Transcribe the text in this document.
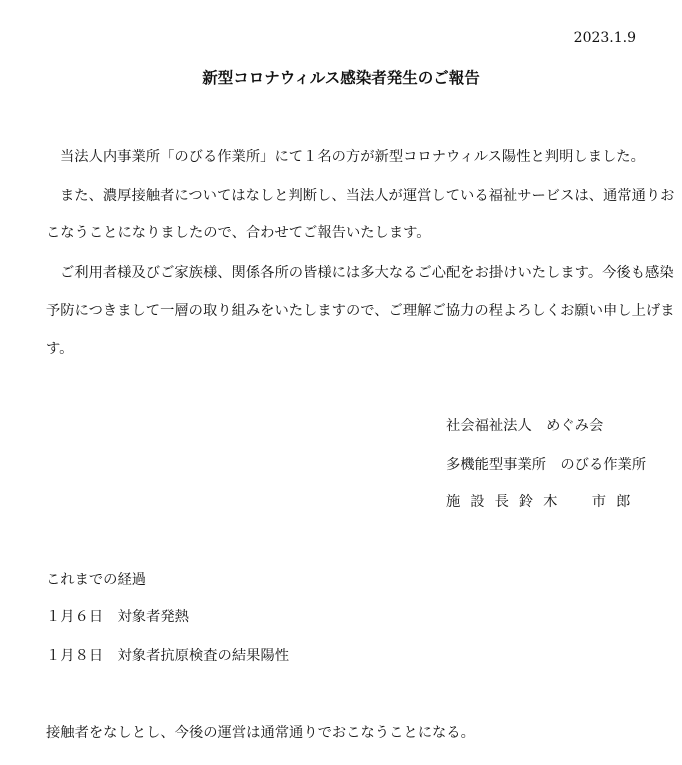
2023.1.9
新型コロナウィルス感染者発生のご報告
当法人内事業所「のびる作業所」にて１名の方が新型コロナウィルス陽性と判明しました。
また、濃厚接触者についてはなしと判断し、当法人が運営している福祉サービスは、通常通りお
こなうことになりましたので、合わせてご報告いたします。
ご利用者様及びご家族様、関係各所の皆様には多大なるご心配をお掛けいたします。今後も感染
予防につきまして一層の取り組みをいたしますので、ご理解ご協力の程よろしくお願い申し上げま
す。
社会福祉法人　めぐみ会
多機能型事業所　のびる作業所
施設長鈴木　市郎
これまでの経過
１月６日　対象者発熱
１月８日　対象者抗原検査の結果陽性
接触者をなしとし、今後の運営は通常通りでおこなうことになる。
